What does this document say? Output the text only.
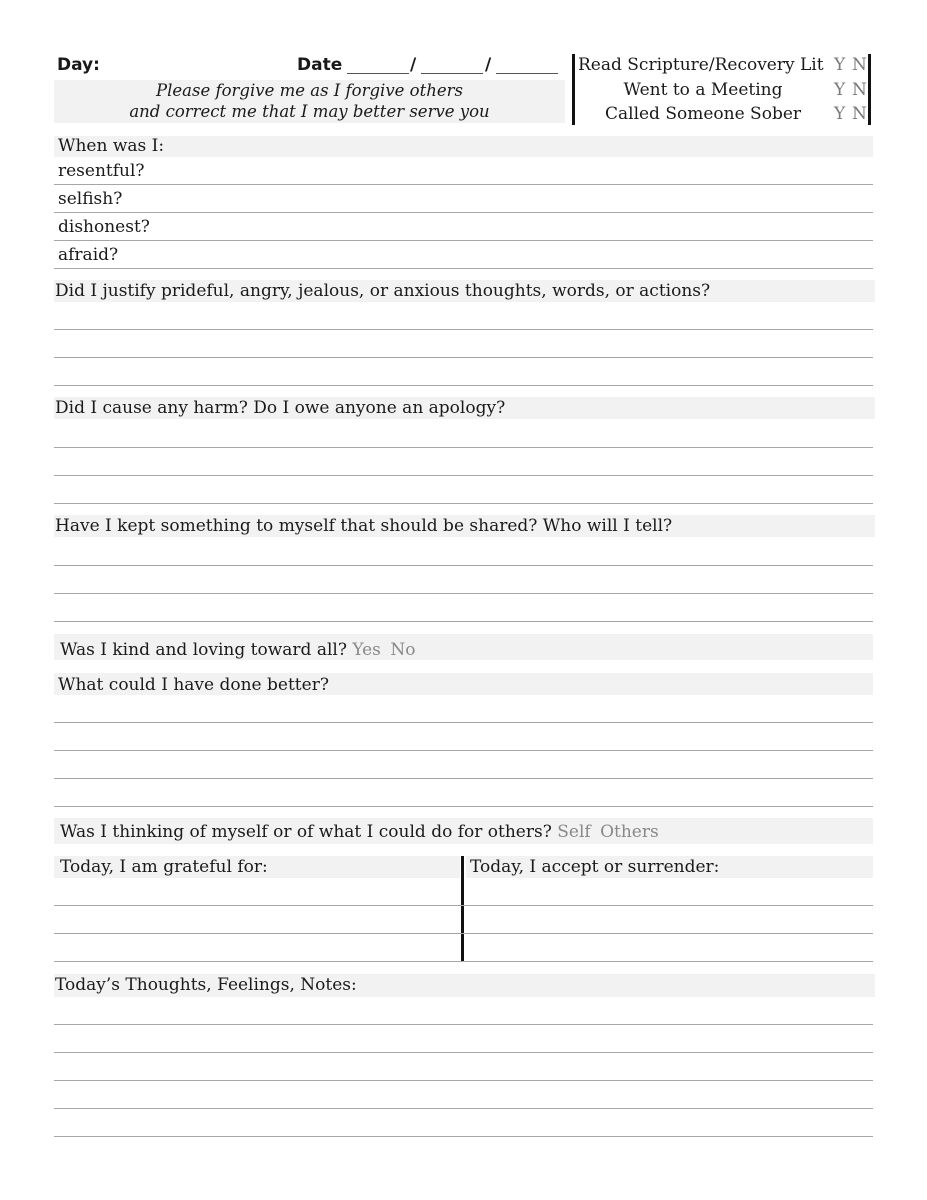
Day:	Date	/	/
Please forgive me as I forgive others
and correct me that I may better serve you
Read Scripture/Recovery Lit Y N
Went to a Meeting	Y N
Called Someone Sober	Y N
When was I:
resentful?
selfish?
dishonest?
afraid?
Did I justify prideful, angry, jealous, or anxious thoughts, words, or actions?
Did I cause any harm? Do I owe anyone an apology?
Have I kept something to myself that should be shared? Who will I tell?
Was I kind and loving toward all? Yes No
What could I have done better?
Was I thinking of myself or of what I could do for others? Self Others
Today, I am grateful for:	Today, I accept or surrender:
Today’s Thoughts, Feelings, Notes:
